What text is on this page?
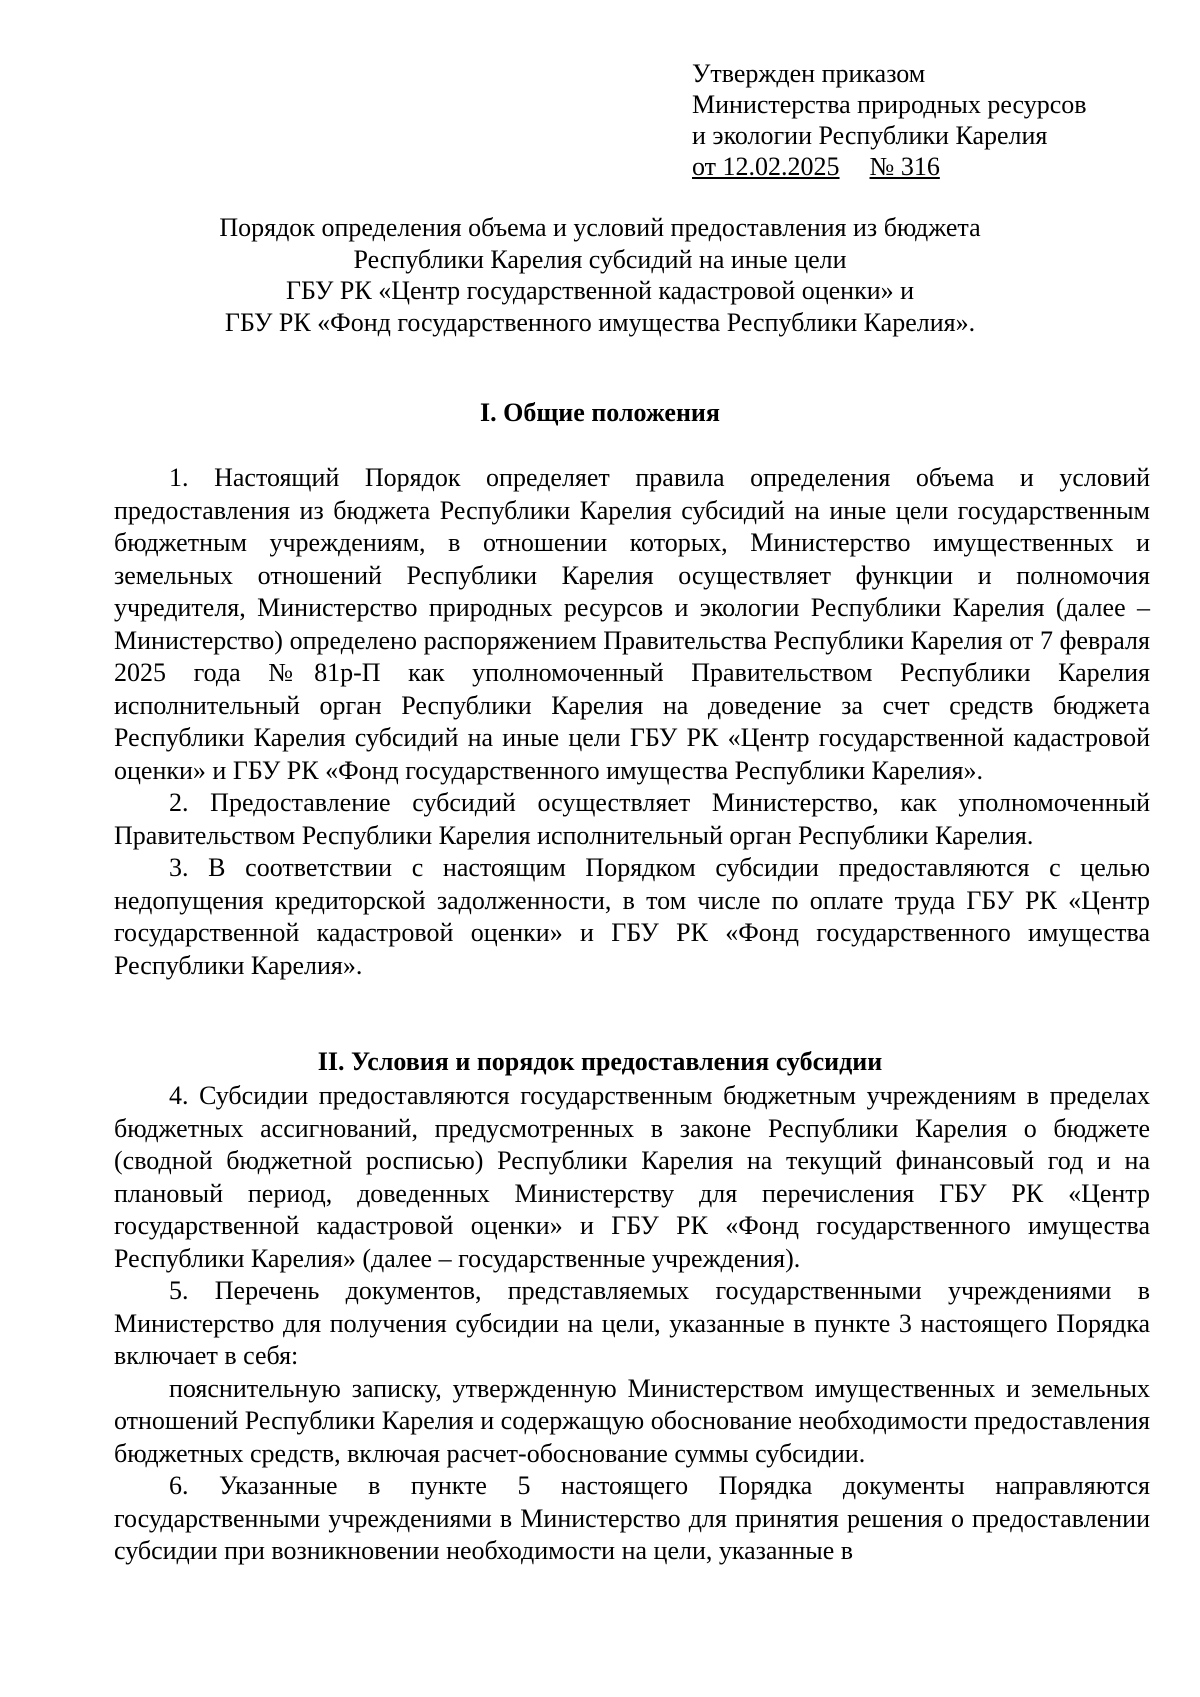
Утвержден приказом
Министерства природных ресурсов
и экологии Республики Карелия
от 12.02.2025 № 316
Порядок определения объема и условий предоставления из бюджета
Республики Карелия субсидий на иные цели
ГБУ РК «Центр государственной кадастровой оценки» и
ГБУ РК «Фонд государственного имущества Республики Карелия».
I. Общие положения

1. Настоящий Порядок определяет правила определения объема и условий предоставления из бюджета Республики Карелия субсидий на иные цели государственным бюджетным учреждениям, в отношении которых, Министерство имущественных и земельных отношений Республики Карелия осуществляет функции и полномочия учредителя, Министерство природных ресурсов и экологии Республики Карелия (далее – Министерство) определено распоряжением Правительства Республики Карелия от 7 февраля 2025 года №81р-П как уполномоченный Правительством Республики Карелия исполнительный орган Республики Карелия на доведение за счет средств бюджета Республики Карелия субсидий на иные цели ГБУ РК «Центр государственной кадастровой оценки» и ГБУ РК «Фонд государственного имущества Республики Карелия».

2. Предоставление субсидий осуществляет Министерство, как уполномоченный Правительством Республики Карелия исполнительный орган Республики Карелия.

3. В соответствии с настоящим Порядком субсидии предоставляются с целью недопущения кредиторской задолженности, в том числе по оплате труда ГБУ РК «Центр государственной кадастровой оценки» и ГБУ РК «Фонд государственного имущества Республики Карелия».

II. Условия и порядок предоставления субсидии

4. Субсидии предоставляются государственным бюджетным учреждениям в пределах бюджетных ассигнований, предусмотренных в законе Республики Карелия о бюджете (сводной бюджетной росписью) Республики Карелия на текущий финансовый год и на плановый период, доведенных Министерству для перечисления ГБУ РК «Центр государственной кадастровой оценки» и ГБУ РК «Фонд государственного имущества Республики Карелия» (далее – государственные учреждения).

5. Перечень документов, представляемых государственными учреждениями в Министерство для получения субсидии на цели, указанные в пункте 3 настоящего Порядка включает в себя:

пояснительную записку, утвержденную Министерством имущественных и земельных отношений Республики Карелия и содержащую обоснование необходимости предоставления бюджетных средств, включая расчет-обоснование суммы субсидии.

6. Указанные в пункте 5 настоящего Порядка документы направляются государственными учреждениями в Министерство для принятия решения о предоставлении субсидии при возникновении необходимости на цели, указанные в
